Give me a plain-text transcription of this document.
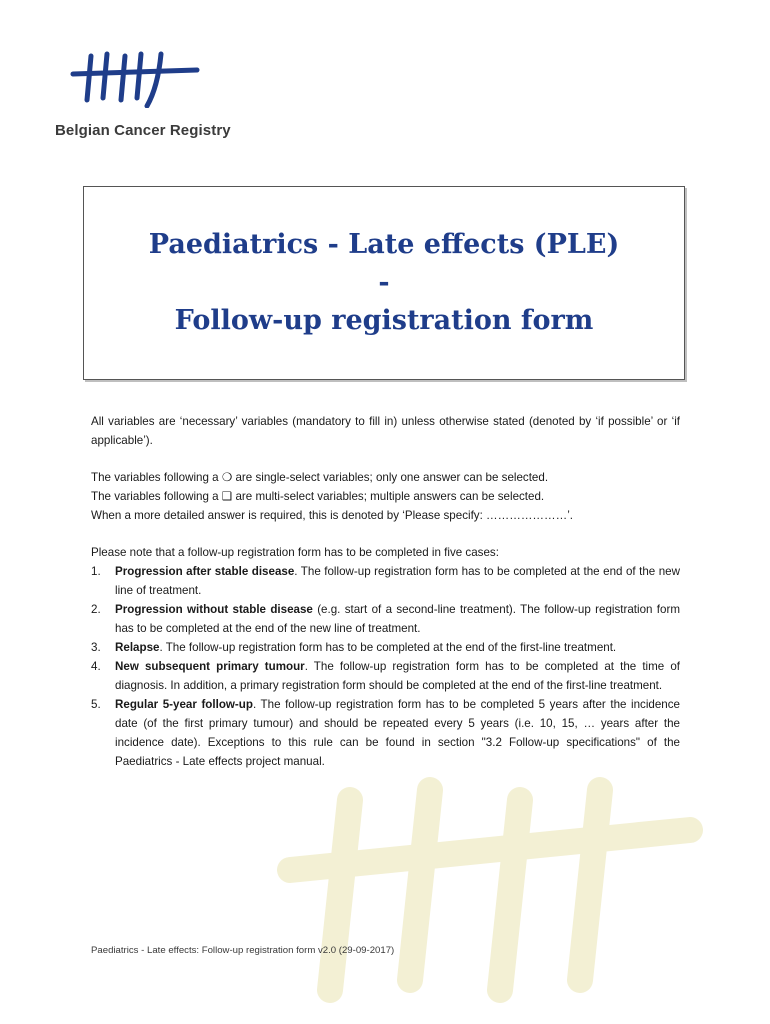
Belgian Cancer Registry
Paediatrics - Late effects (PLE)
-
Follow-up registration form

All variables are ‘necessary’ variables (mandatory to fill in) unless otherwise stated (denoted by ‘if possible’ or ‘if applicable’).

The variables following a ❍ are single-select variables; only one answer can be selected.
The variables following a ❑ are multi-select variables; multiple answers can be selected.
When a more detailed answer is required, this is denoted by ‘Please specify: …………………’.
Please note that a follow-up registration form has to be completed in five cases:
1. Progression after stable disease. The follow-up registration form has to be completed at the end of the new line of treatment.
2. Progression without stable disease (e.g. start of a second-line treatment). The follow-up registration form has to be completed at the end of the new line of treatment.
3. Relapse. The follow-up registration form has to be completed at the end of the first-line treatment.
4. New subsequent primary tumour. The follow-up registration form has to be completed at the time of diagnosis. In addition, a primary registration form should be completed at the end of the first-line treatment.
5. Regular 5-year follow-up. The follow-up registration form has to be completed 5 years after the incidence date (of the first primary tumour) and should be repeated every 5 years (i.e. 10, 15, … years after the incidence date). Exceptions to this rule can be found in section "3.2 Follow-up specifications" of the Paediatrics - Late effects project manual.
Paediatrics - Late effects: Follow-up registration form v2.0 (29-09-2017)
